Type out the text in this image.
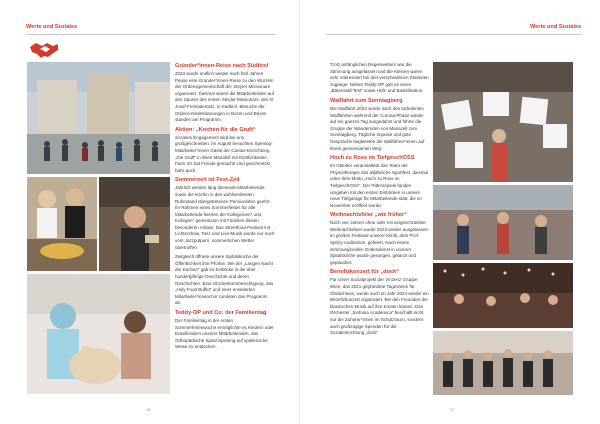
Werte und Soziales
Gründer*innen-Reise nach Südtirol

2023 wurde endlich wieder nach fünf Jahren Pause eine Gründer*innen-Reise zu den Wurzeln der Ordensgemeinschaft der Steyler Missionare organisiert. Diesmal waren die Mitarbeitenden auf den Spuren des ersten Steyler Missionars, des hl. Josef Freinademetz, in Südtirol. Besuche der Ordens-Niederlassungen in Bozen und Brixen standen am Programm.

Aktion: „Kochen für die Gruft“

Soziales Engagement wird bei uns großgeschrieben. Im August besuchten Spenlog-Mitarbeiter*innen Gäste der Caritas-Einrichtung „Die Gruft“ in Wien Mariahilf mit Köstlichkeiten. Fazit: Es hat Freude gemacht! Und geschmeckt hat's auch.

Sommerzeit ist Fest-Zeit

Jährlich werden lang dienende Mitarbeitende sowie die Köchin in den wohlverdienten Ruhestand übergetretenen Pensionisten geehrt. Im Rahmen eines Sommerfestes für alle Mitarbeitende feierten die Kolleginnen* und Kollegen* gemeinsam mit Familien diesen besonderen Anlass. Das Streetfood-Festival mit Lichtershow, Tanz und Live-Musik wurde nur noch vom Jazzpotpurri, sommerlichen Wetter übertroffen.

Zeitgleich öffnete unsere Spitalsküche der Öffentlichkeit ihre Pforten. Bei der „Langen Nacht der Küchen“ gab es Einblicke in die über hundertjährige Geschichte und deren Geschichten. Eine Glockenturmbesichtigung, das „Holy Food Buffet“ und einer erweiterten Mitarbeiter*innenchor rundeten das Programm ab.

Teddy-OP und Co: der Familientag

Der Familientag in der ersten Sommerferienwoche ermöglichte es Kindern oder Enkelkindern unserer Mitarbeitenden, das Orthopädische Spital Speising auf spielerische Weise zu entdecken.

16
Werte und Soziales

Trotz anfänglichen Regenwetters war die Stimmung ausgelassen und die Kleinen waren sehr interessiert bei den verschiedenen Stationen zugange. Neben Teddy-OP gab es einen „Bärenstall-Test“ sowie Hüft- und Bastelstation.

Wallfahrt zum Sonntagberg

Die Wallfahrt 2023 wurde nach den turbulenten Wallfahrten während der Corona-Phase wieder auf ein ganzes Tag ausgedehnt und führte die Gruppe der Wandernden von Mariazell zum Sonntagberg. Tägliche Impulse und gute Gespräche begleiteten die Wallfahrer*innen auf ihrem gemeinsamen Weg.

Hoch zu Ross im TiefgeschOSS

Im Oktober veranstaltete das Team der Physiotherapie das alljährliche Sportfest, diesmal unter dem Motto „Hoch zu Ross im TiefgeschOSS“. Der Rittersspiele fanden umgeben mit den ersten Einblicken in unsere neue Tiefgarage für Mitarbeitende statt, die im November eröffnet wurde.

Weihnachtsfeier „wie früher“

Nach vier Jahren ohne oder mit eingeschränkter Weihnachtsfeier wurde 2023 wieder ausgelassen im großen Festsaal unserer Klinik, dem Prof-Spitzy-Auditorium, gefeiert. Nach einem stimmungsvollen Gottesdienst in unserer Spitalskirche wurde gesungen, getanzt und geplaudert.

Benefizkonzert für „dock“

Für unser Sozialprojekt der Vinzenz Gruppe Wien, das 2021 gegründete Tagesheim für Obdachlose, wurde auch im Jahr 2023 wieder ein Benefizkonzert organisiert. Bei den Freunden der klassischen Musik auf ihre Kosten kamen. Das Orchester „Sinfonia Academica“ beschallt nicht nur die Zuhörer*innen im Schutzraum, sondern auch großzügige Spenden für die Sozialeinrichtung „dock“.

17
